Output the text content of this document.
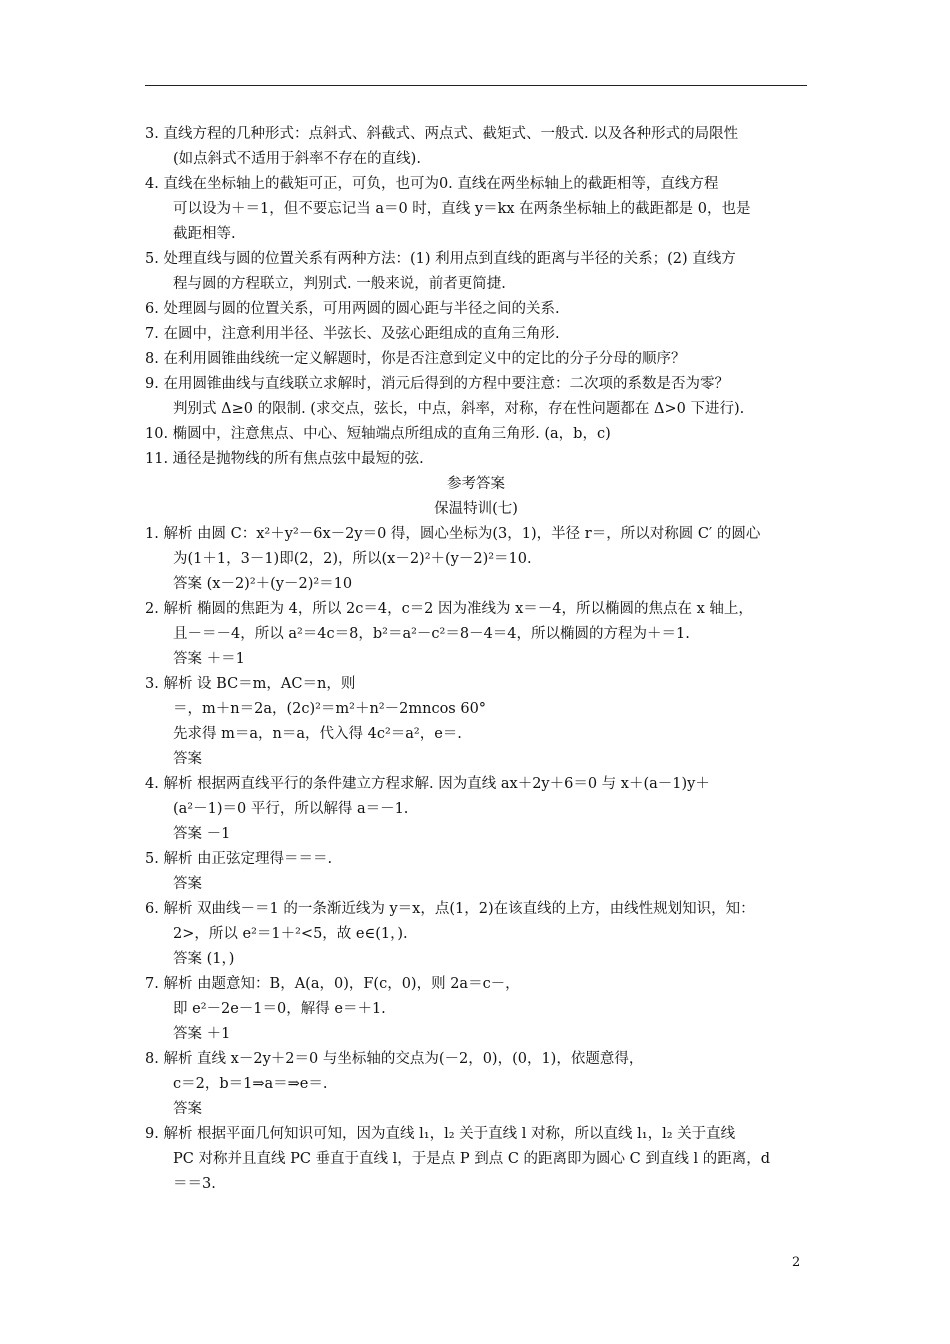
3. 直线方程的几种形式：点斜式、斜截式、两点式、截矩式、一般式. 以及各种形式的局限性
(如点斜式不适用于斜率不存在的直线).
4. 直线在坐标轴上的截矩可正，可负，也可为0. 直线在两坐标轴上的截距相等，直线方程
可以设为＋＝1，但不要忘记当 a＝0 时，直线 y＝kx 在两条坐标轴上的截距都是 0，也是
截距相等.
5. 处理直线与圆的位置关系有两种方法：(1) 利用点到直线的距离与半径的关系；(2) 直线方
程与圆的方程联立，判别式. 一般来说，前者更简捷.
6. 处理圆与圆的位置关系，可用两圆的圆心距与半径之间的关系.
7. 在圆中，注意利用半径、半弦长、及弦心距组成的直角三角形.
8. 在利用圆锥曲线统一定义解题时，你是否注意到定义中的定比的分子分母的顺序？
9. 在用圆锥曲线与直线联立求解时，消元后得到的方程中要注意：二次项的系数是否为零？
判别式 Δ≥0 的限制. (求交点，弦长，中点，斜率，对称，存在性问题都在 Δ>0 下进行).
10. 椭圆中，注意焦点、中心、短轴端点所组成的直角三角形. (a，b，c)
11. 通径是抛物线的所有焦点弦中最短的弦.
参考答案
保温特训(七)
1. 解析 由圆 C：x²＋y²－6x－2y＝0 得，圆心坐标为(3，1)，半径 r＝，所以对称圆 C′ 的圆心
为(1＋1，3－1)即(2，2)，所以(x－2)²＋(y－2)²＝10.
答案 (x－2)²＋(y－2)²＝10
2. 解析 椭圆的焦距为 4，所以 2c＝4，c＝2 因为准线为 x＝－4，所以椭圆的焦点在 x 轴上，
且－＝－4，所以 a²＝4c＝8，b²＝a²－c²＝8－4＝4，所以椭圆的方程为＋＝1.
答案 ＋＝1
3. 解析 设 BC＝m，AC＝n，则
＝，m＋n＝2a，(2c)²＝m²＋n²－2mncos 60°
先求得 m＝a，n＝a，代入得 4c²＝a²，e＝.
答案
4. 解析 根据两直线平行的条件建立方程求解. 因为直线 ax＋2y＋6＝0 与 x＋(a－1)y＋
(a²－1)＝0 平行，所以解得 a＝－1.
答案 －1
5. 解析 由正弦定理得＝＝＝.
答案
6. 解析 双曲线－＝1 的一条渐近线为 y＝x，点(1，2)在该直线的上方，由线性规划知识，知：
2>，所以 e²＝1＋²<5，故 e∈(1，).
答案 (1，)
7. 解析 由题意知：B，A(a，0)，F(c，0)，则 2a＝c－，
即 e²－2e－1＝0，解得 e＝＋1.
答案 ＋1
8. 解析 直线 x－2y＋2＝0 与坐标轴的交点为(－2，0)，(0，1)，依题意得，
c＝2，b＝1⇒a＝⇒e＝.
答案
9. 解析 根据平面几何知识可知，因为直线 l₁，l₂ 关于直线 l 对称，所以直线 l₁，l₂ 关于直线
PC 对称并且直线 PC 垂直于直线 l，于是点 P 到点 C 的距离即为圆心 C 到直线 l 的距离，d
＝＝3.
2
